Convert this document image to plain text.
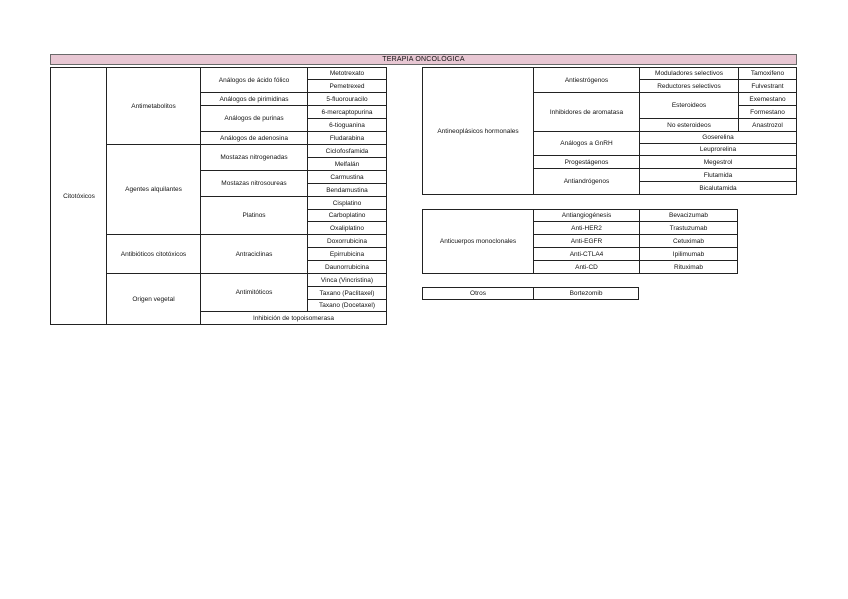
TERAPIA ONCOLÓGICA
Citotóxicos
Antimetabolitos
Agentes alquilantes
Antibióticos citotóxicos
Origen vegetal
Análogos de ácido fólico
Análogos de pirimidinas
Análogos de purinas
Análogos de adenosina
Mostazas nitrogenadas
Mostazas nitrosoureas
Platinos
Antraciclinas
Antimitóticos
Inhibición de topoisomerasa
Metotrexato
Pemetrexed
5-fluorouracilo
6-mercaptopurina
6-tioguanina
Fludarabina
Ciclofosfamida
Melfalán
Carmustina
Bendamustina
Cisplatino
Carboplatino
Oxaliplatino
Doxorrubicina
Epirrubicina
Daunorrubicina
Vinca (Vincristina)
Taxano (Paclitaxel)
Taxano (Docetaxel)
Antineoplásicos hormonales
Antiestrógenos
Inhibidores de aromatasa
Análogos a GnRH
Progestágenos
Antiandrógenos
Moduladores selectivos
Reductores selectivos
Esteroideos
No esteroideos
Tamoxifeno
Fulvestrant
Exemestano
Formestano
Anastrozol
Goserelina
Leuprorelina
Megestrol
Flutamida
Bicalutamida
Anticuerpos monoclonales
Antiangiogénesis
Anti-HER2
Anti-EGFR
Anti-CTLA4
Anti-CD
Bevacizumab
Trastuzumab
Cetuximab
Ipilimumab
Rituximab
Otros	Bortezomib
